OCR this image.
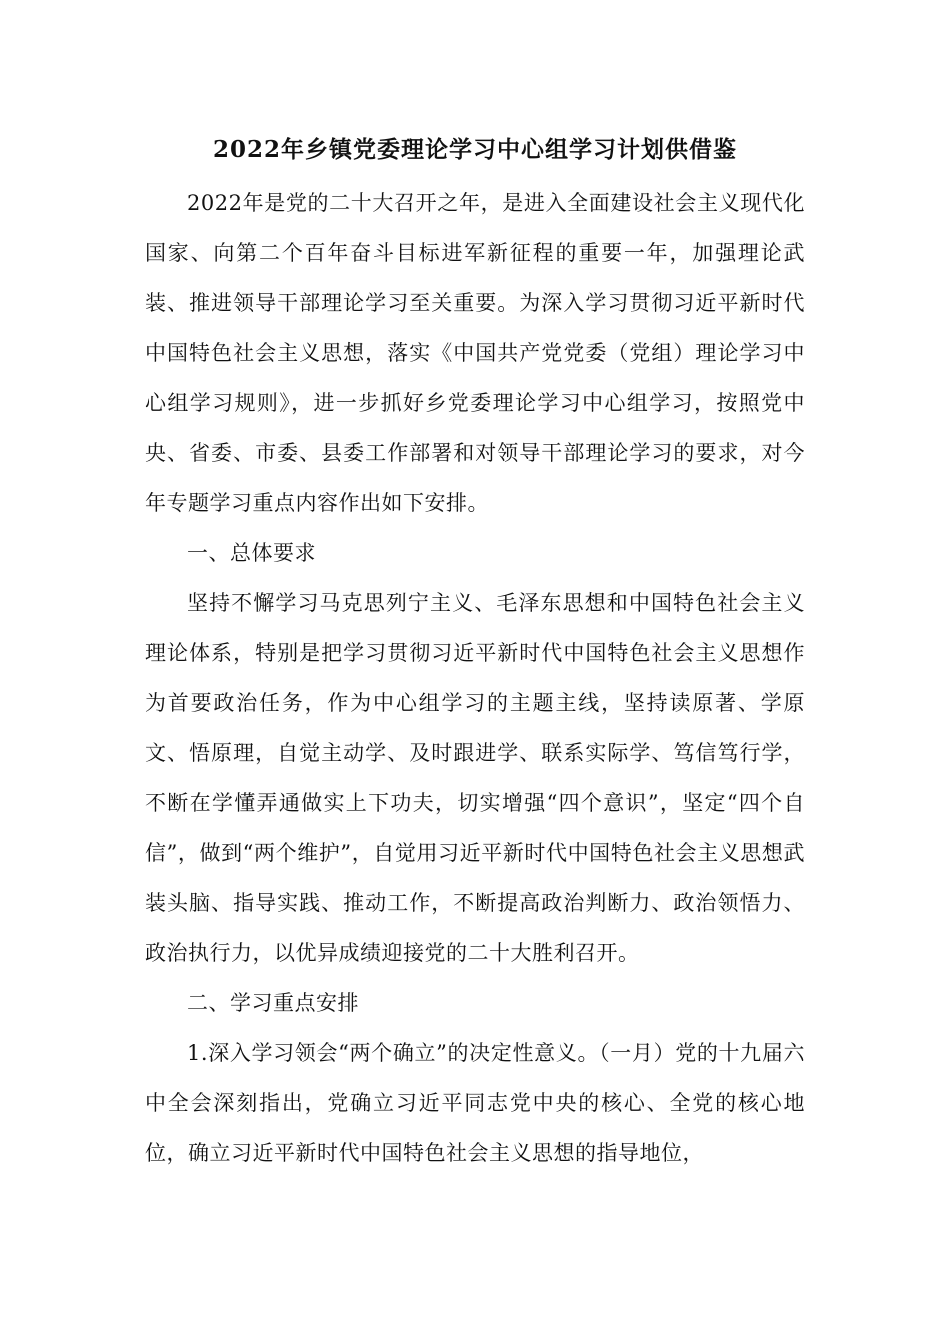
2022年乡镇党委理论学习中心组学习计划供借鉴

2022年是党的二十大召开之年，是进入全面建设社会主义现代化国家、向第二个百年奋斗目标进军新征程的重要一年，加强理论武装、推进领导干部理论学习至关重要。为深入学习贯彻习近平新时代中国特色社会主义思想，落实《中国共产党党委（党组）理论学习中心组学习规则》，进一步抓好乡党委理论学习中心组学习，按照党中央、省委、市委、县委工作部署和对领导干部理论学习的要求，对今年专题学习重点内容作出如下安排。

一、总体要求

坚持不懈学习马克思列宁主义、毛泽东思想和中国特色社会主义理论体系，特别是把学习贯彻习近平新时代中国特色社会主义思想作为首要政治任务，作为中心组学习的主题主线，坚持读原著、学原文、悟原理，自觉主动学、及时跟进学、联系实际学、笃信笃行学，不断在学懂弄通做实上下功夫，切实增强“四个意识”，坚定“四个自信”，做到“两个维护”，自觉用习近平新时代中国特色社会主义思想武装头脑、指导实践、推动工作，不断提高政治判断力、政治领悟力、政治执行力，以优异成绩迎接党的二十大胜利召开。

二、学习重点安排

1.深入学习领会“两个确立”的决定性意义。（一月）党的十九届六中全会深刻指出，党确立习近平同志党中央的核心、全党的核心地位，确立习近平新时代中国特色社会主义思想的指导地位，
